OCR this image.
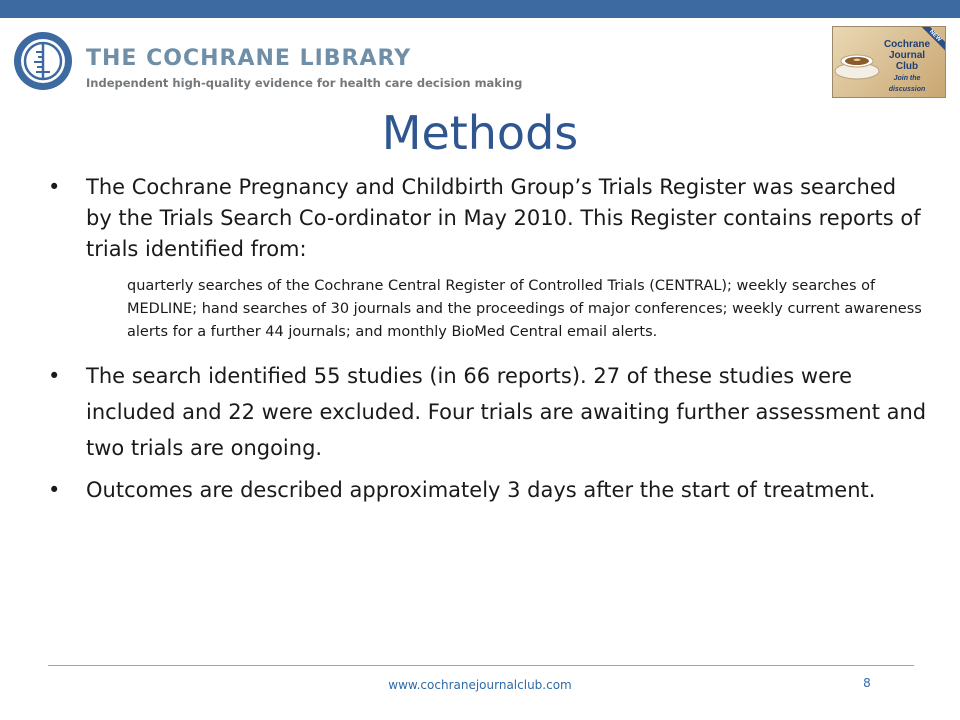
THE COCHRANE LIBRARY
Independent high-quality evidence for health care decision making
Cochrane Journal Club
Join the discussion
NEW
Methods
• The Cochrane Pregnancy and Childbirth Group’s Trials Register was searched by the Trials Search Co-ordinator in May 2010. This Register contains reports of trials identified from:
quarterly searches of the Cochrane Central Register of Controlled Trials (CENTRAL); weekly searches of MEDLINE; hand searches of 30 journals and the proceedings of major conferences; weekly current awareness alerts for a further 44 journals; and monthly BioMed Central email alerts.
• The search identified 55 studies (in 66 reports). 27 of these studies were included and 22 were excluded. Four trials are awaiting further assessment and two trials are ongoing.
• Outcomes are described approximately 3 days after the start of treatment.
www.cochranejournalclub.com	8
